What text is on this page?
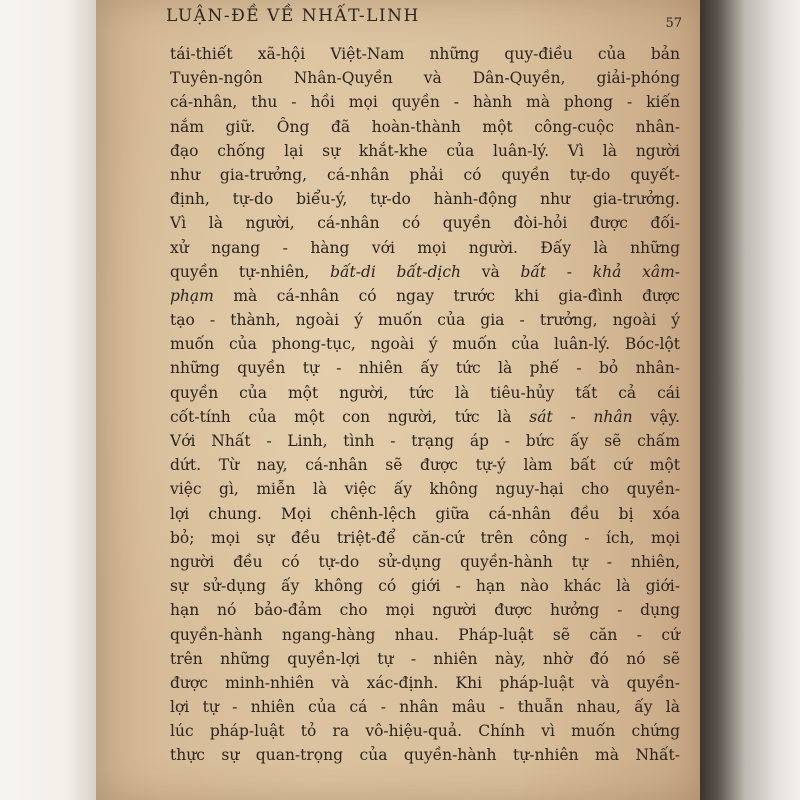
LUẬN-ĐỀ VỀ NHẤT-LINH	57
tái-thiết xã-hội Việt-Nam những quy-điều của bản
Tuyên-ngôn Nhân-Quyền và Dân-Quyền, giải-phóng
cá-nhân, thu - hồi mọi quyền - hành mà phong - kiến
nắm giữ. Ông đã hoàn-thành một công-cuộc nhân-
đạo chống lại sự khắt-khe của luân-lý. Vì là người
như gia-trưởng, cá-nhân phải có quyền tự-do quyết-
định, tự-do biểu-ý, tự-do hành-động như gia-trưởng.
Vì là người, cá-nhân có quyền đòi-hỏi được đối-
xử ngang - hàng với mọi người. Đấy là những
quyền tự-nhiên, bất-di bất-dịch và bất - khả xâm-
phạm mà cá-nhân có ngay trước khi gia-đình được
tạo - thành, ngoài ý muốn của gia - trưởng, ngoài ý
muốn của phong-tục, ngoài ý muốn của luân-lý. Bóc-lột
những quyền tự - nhiên ấy tức là phế - bỏ nhân-
quyền của một người, tức là tiêu-hủy tất cả cái
cốt-tính của một con người, tức là sát - nhân vậy.
Với Nhất - Linh, tình - trạng áp - bức ấy sẽ chấm
dứt. Từ nay, cá-nhân sẽ được tự-ý làm bất cứ một
việc gì, miễn là việc ấy không nguy-hại cho quyền-
lợi chung. Mọi chênh-lệch giữa cá-nhân đều bị xóa
bỏ; mọi sự đều triệt-để căn-cứ trên công - ích, mọi
người đều có tự-do sử-dụng quyền-hành tự - nhiên,
sự sử-dụng ấy không có giới - hạn nào khác là giới-
hạn nó bảo-đảm cho mọi người được hưởng - dụng
quyền-hành ngang-hàng nhau. Pháp-luật sẽ căn - cứ
trên những quyền-lợi tự - nhiên này, nhờ đó nó sẽ
được minh-nhiên và xác-định. Khi pháp-luật và quyền-
lợi tự - nhiên của cá - nhân mâu - thuẫn nhau, ấy là
lúc pháp-luật tỏ ra vô-hiệu-quả. Chính vì muốn chứng
thực sự quan-trọng của quyền-hành tự-nhiên mà Nhất-
